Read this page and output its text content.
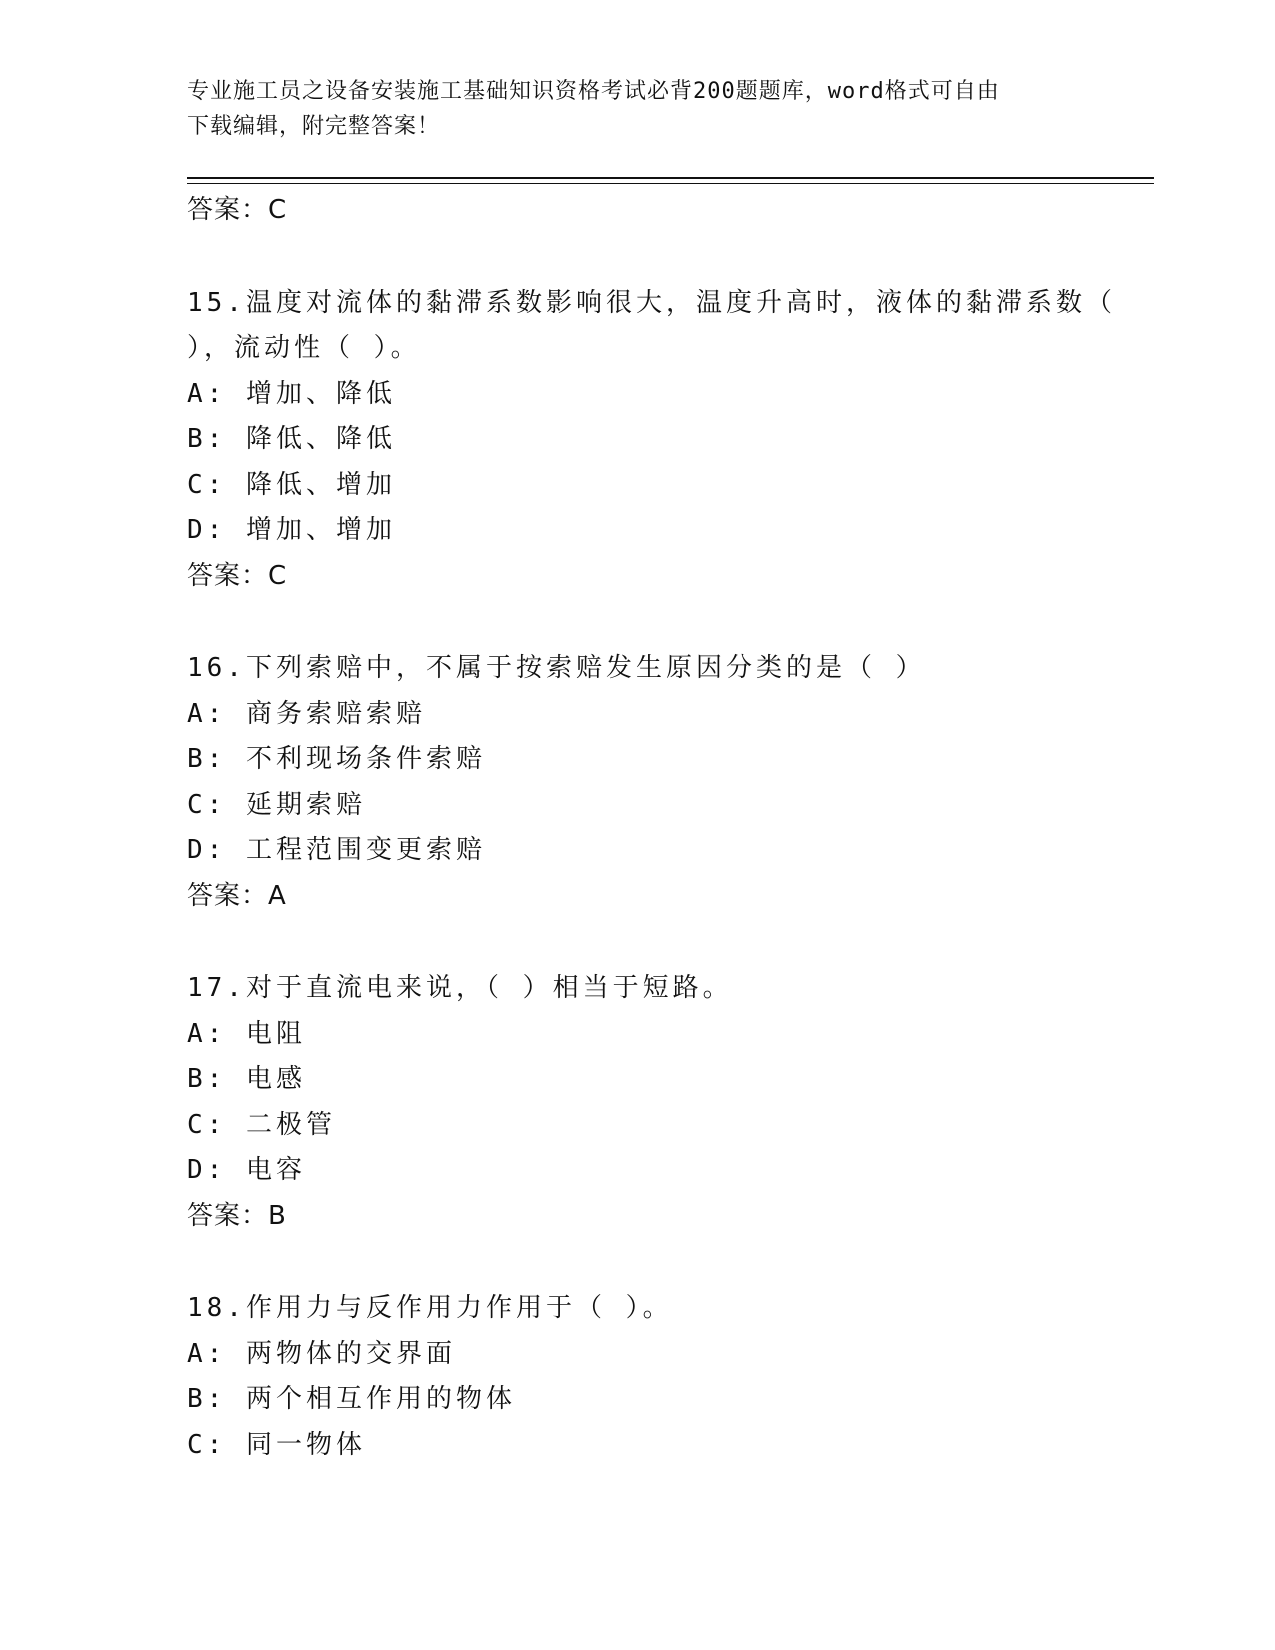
专业施工员之设备安装施工基础知识资格考试必背200题题库，word格式可自由
下载编辑，附完整答案！
答案：C
15.温度对流体的黏滞系数影响很大，温度升高时，液体的黏滞系数（
），流动性（ ）。
A: 增加、降低
B: 降低、降低
C: 降低、增加
D: 增加、增加
答案：C
16.下列索赔中，不属于按索赔发生原因分类的是（ ）
A: 商务索赔索赔
B: 不利现场条件索赔
C: 延期索赔
D: 工程范围变更索赔
答案：A
17.对于直流电来说，（ ）相当于短路。
A: 电阻
B: 电感
C: 二极管
D: 电容
答案：B
18.作用力与反作用力作用于（ ）。
A: 两物体的交界面
B: 两个相互作用的物体
C: 同一物体
